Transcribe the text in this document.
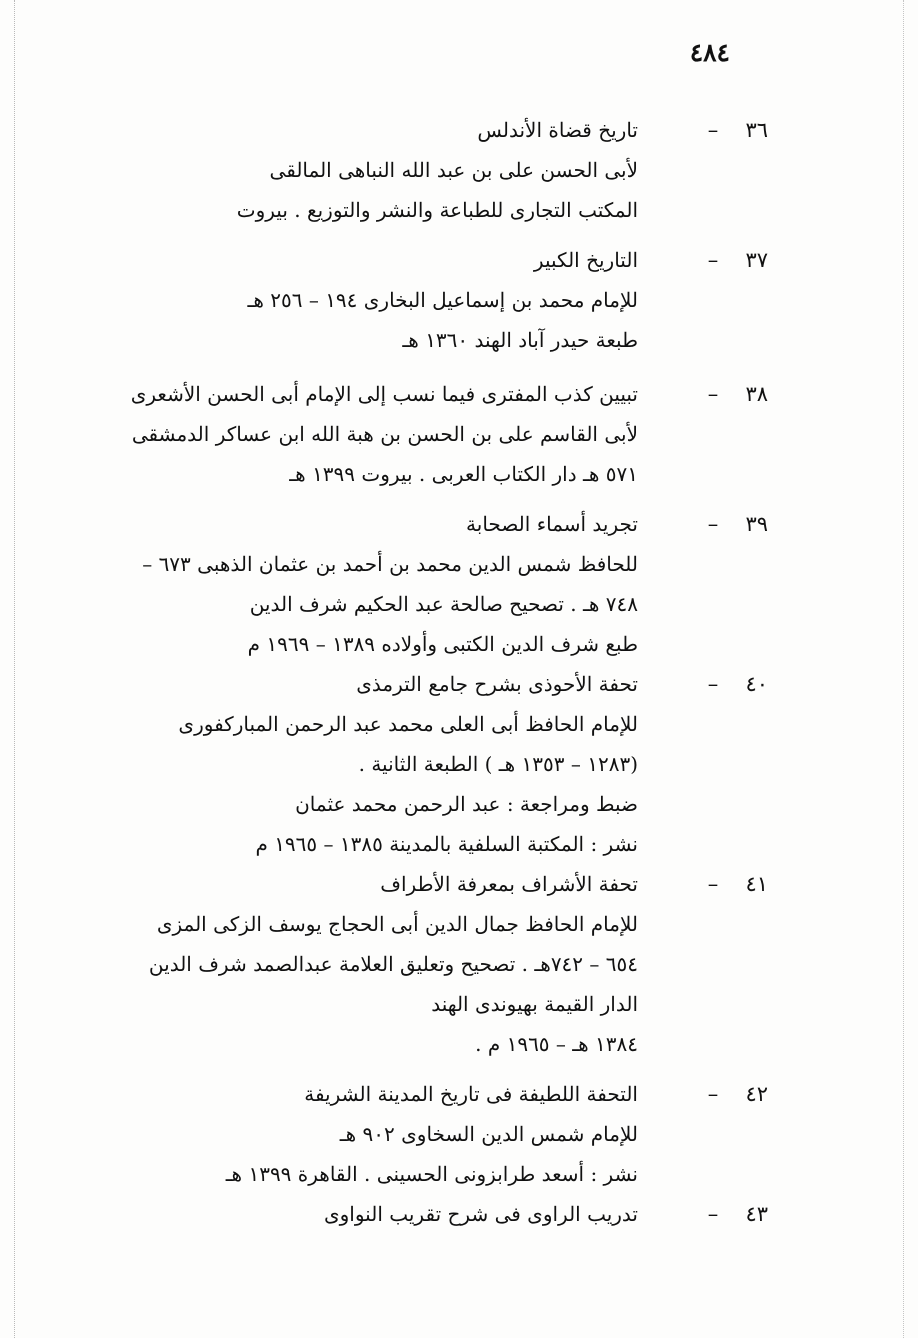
٤٨٤
٣٦
–
تاريخ قضاة الأندلس
لأبى الحسن على بن عبد الله النباهى المالقى
المكتب التجارى للطباعة والنشر والتوزيع . بيروت
٣٧
–
التاريخ الكبير
للإمام محمد بن إسماعيل البخارى ١٩٤ – ٢٥٦ هـ
طبعة حيدر آباد الهند ١٣٦٠ هـ
٣٨
–
تبيين كذب المفترى فيما نسب إلى الإمام أبى الحسن الأشعرى
لأبى القاسم على بن الحسن بن هبة الله ابن عساكر الدمشقى
٥٧١ هـ دار الكتاب العربى . بيروت ١٣٩٩ هـ
٣٩
–
تجريد أسماء الصحابة
للحافظ شمس الدين محمد بن أحمد بن عثمان الذهبى ٦٧٣ –
٧٤٨ هـ . تصحيح صالحة عبد الحكيم شرف الدين
طبع شرف الدين الكتبى وأولاده ١٣٨٩ – ١٩٦٩ م
٤٠
–
تحفة الأحوذى بشرح جامع الترمذى
للإمام الحافظ أبى العلى محمد عبد الرحمن المباركفورى
(١٢٨٣ – ١٣٥٣ هـ ) الطبعة الثانية .
ضبط ومراجعة : عبد الرحمن محمد عثمان
نشر : المكتبة السلفية بالمدينة ١٣٨٥ – ١٩٦٥ م
٤١
–
تحفة الأشراف بمعرفة الأطراف
للإمام الحافظ جمال الدين أبى الحجاج يوسف الزكى المزى
٦٥٤ – ٧٤٢هـ . تصحيح وتعليق العلامة عبدالصمد شرف الدين
الدار القيمة بهيوندى الهند
١٣٨٤ هـ – ١٩٦٥ م .
٤٢
–
التحفة اللطيفة فى تاريخ المدينة الشريفة
للإمام شمس الدين السخاوى ٩٠٢ هـ
نشر : أسعد طرابزونى الحسينى . القاهرة ١٣٩٩ هـ
٤٣
–
تدريب الراوى فى شرح تقريب النواوى
